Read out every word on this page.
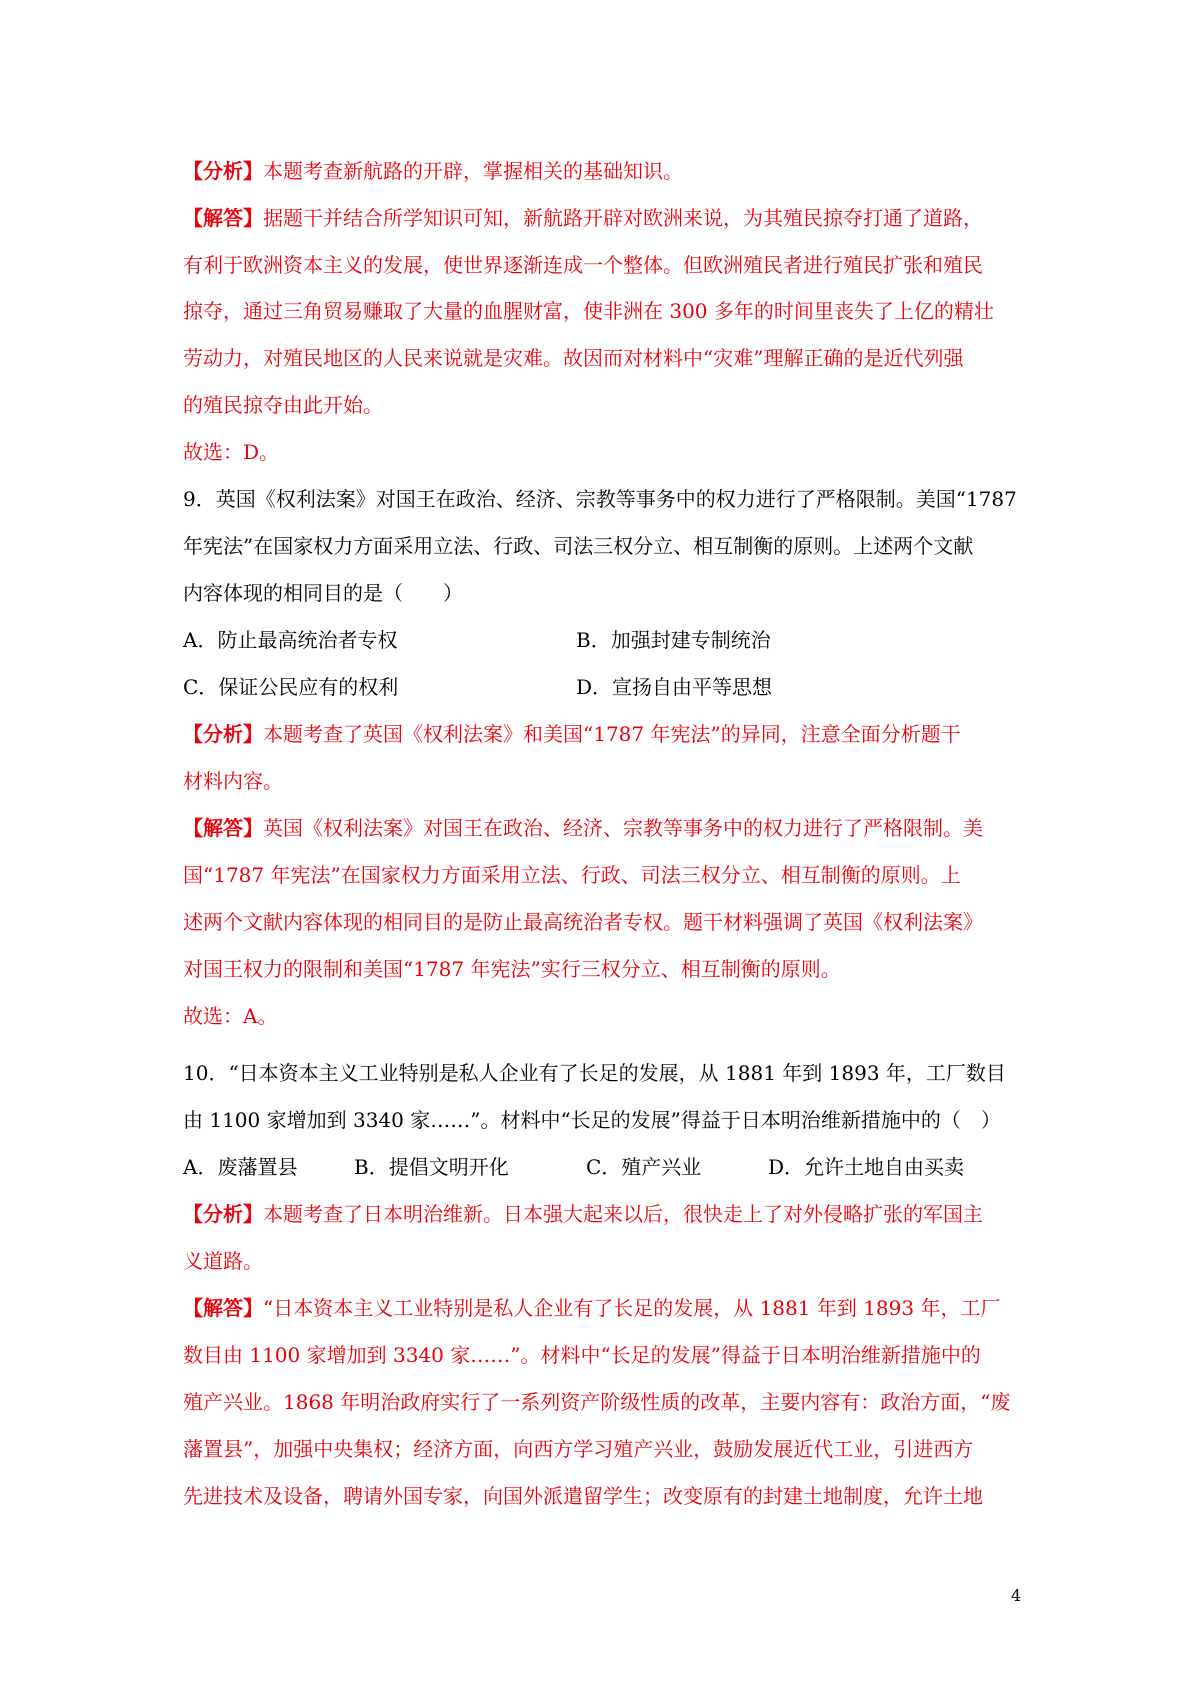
【分析】本题考查新航路的开辟，掌握相关的基础知识。
【解答】据题干并结合所学知识可知，新航路开辟对欧洲来说，为其殖民掠夺打通了道路，
有利于欧洲资本主义的发展，使世界逐渐连成一个整体。但欧洲殖民者进行殖民扩张和殖民
掠夺，通过三角贸易赚取了大量的血腥财富，使非洲在 300 多年的时间里丧失了上亿的精壮
劳动力，对殖民地区的人民来说就是灾难。故因而对材料中“灾难”理解正确的是近代列强
的殖民掠夺由此开始。
故选：D。
9．英国《权利法案》对国王在政治、经济、宗教等事务中的权力进行了严格限制。美国“1787
年宪法”在国家权力方面采用立法、行政、司法三权分立、相互制衡的原则。上述两个文献
内容体现的相同目的是（　　）
A．防止最高统治者专权	B．加强封建专制统治
C．保证公民应有的权利	D．宣扬自由平等思想
【分析】本题考查了英国《权利法案》和美国“1787 年宪法”的异同，注意全面分析题干
材料内容。
【解答】英国《权利法案》对国王在政治、经济、宗教等事务中的权力进行了严格限制。美
国“1787 年宪法”在国家权力方面采用立法、行政、司法三权分立、相互制衡的原则。上
述两个文献内容体现的相同目的是防止最高统治者专权。题干材料强调了英国《权利法案》
对国王权力的限制和美国“1787 年宪法”实行三权分立、相互制衡的原则。
故选：A。
10．“日本资本主义工业特别是私人企业有了长足的发展，从 1881 年到 1893 年，工厂数目
由 1100 家增加到 3340 家……”。材料中“长足的发展”得益于日本明治维新措施中的（　）
A．废藩置县	B．提倡文明开化	C．殖产兴业	D．允许土地自由买卖
【分析】本题考查了日本明治维新。日本强大起来以后，很快走上了对外侵略扩张的军国主
义道路。
【解答】“日本资本主义工业特别是私人企业有了长足的发展，从 1881 年到 1893 年，工厂
数目由 1100 家增加到 3340 家……”。材料中“长足的发展”得益于日本明治维新措施中的
殖产兴业。1868 年明治政府实行了一系列资产阶级性质的改革，主要内容有：政治方面，“废
藩置县”，加强中央集权；经济方面，向西方学习殖产兴业，鼓励发展近代工业，引进西方
先进技术及设备，聘请外国专家，向国外派遣留学生；改变原有的封建土地制度，允许土地
4
